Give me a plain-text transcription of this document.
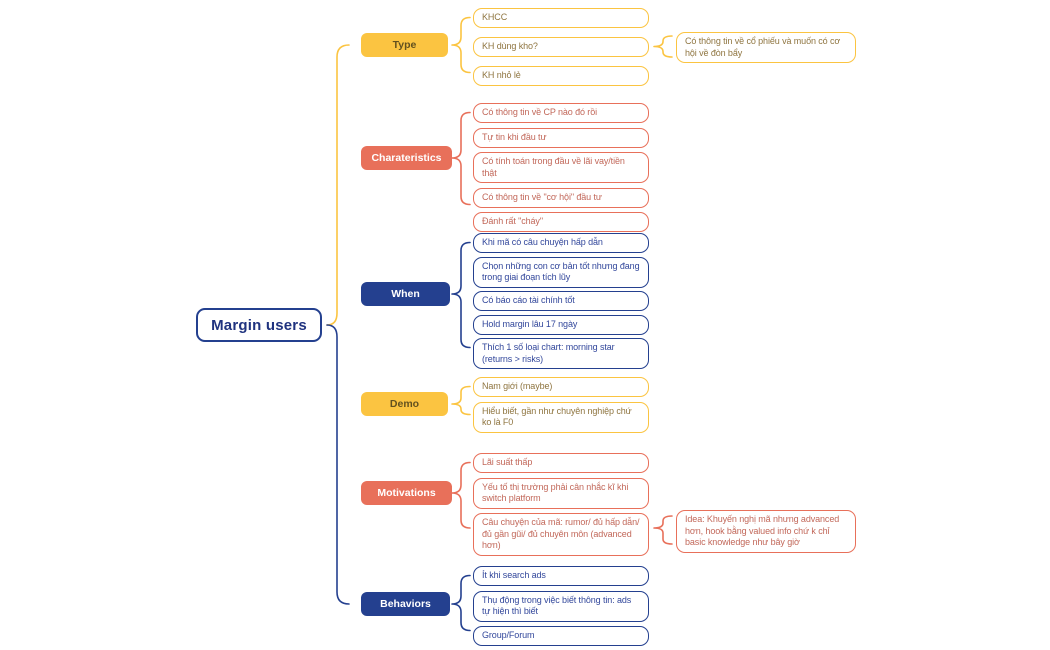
Margin users
Type
Charateristics
When
Demo
Motivations
Behaviors
KHCC
KH dùng kho?
KH nhỏ lẻ
Có thông tin về CP nào đó rồi
Tự tin khi đầu tư
Có tính toán trong đầu về lãi vay/tiền thật
Có thông tin về "cơ hội" đầu tư
Đánh rất "cháy"
Khi mã có câu chuyện hấp dẫn
Chọn những con cơ bản tốt nhưng đang trong giai đoạn tích lũy
Có báo cáo tài chính tốt
Hold margin lâu 17 ngày
Thích 1 số loại chart: morning star (returns > risks)
Nam giới (maybe)
Hiểu biết, gần như chuyên nghiệp chứ ko là F0
Lãi suất thấp
Yếu tố thị trường phải cân nhắc kĩ khi switch platform
Câu chuyện của mã: rumor/ đủ hấp dẫn/ đủ gần gũi/ đủ chuyên môn (advanced hơn)
Ít khi search ads
Thụ động trong việc biết thông tin: ads tự hiện thì biết
Group/Forum
Có thông tin về cổ phiếu và muốn có cơ hội về đòn bẩy
Idea: Khuyến nghị mã nhưng advanced hơn, hook bằng valued info chứ k chỉ basic knowledge như bây giờ
